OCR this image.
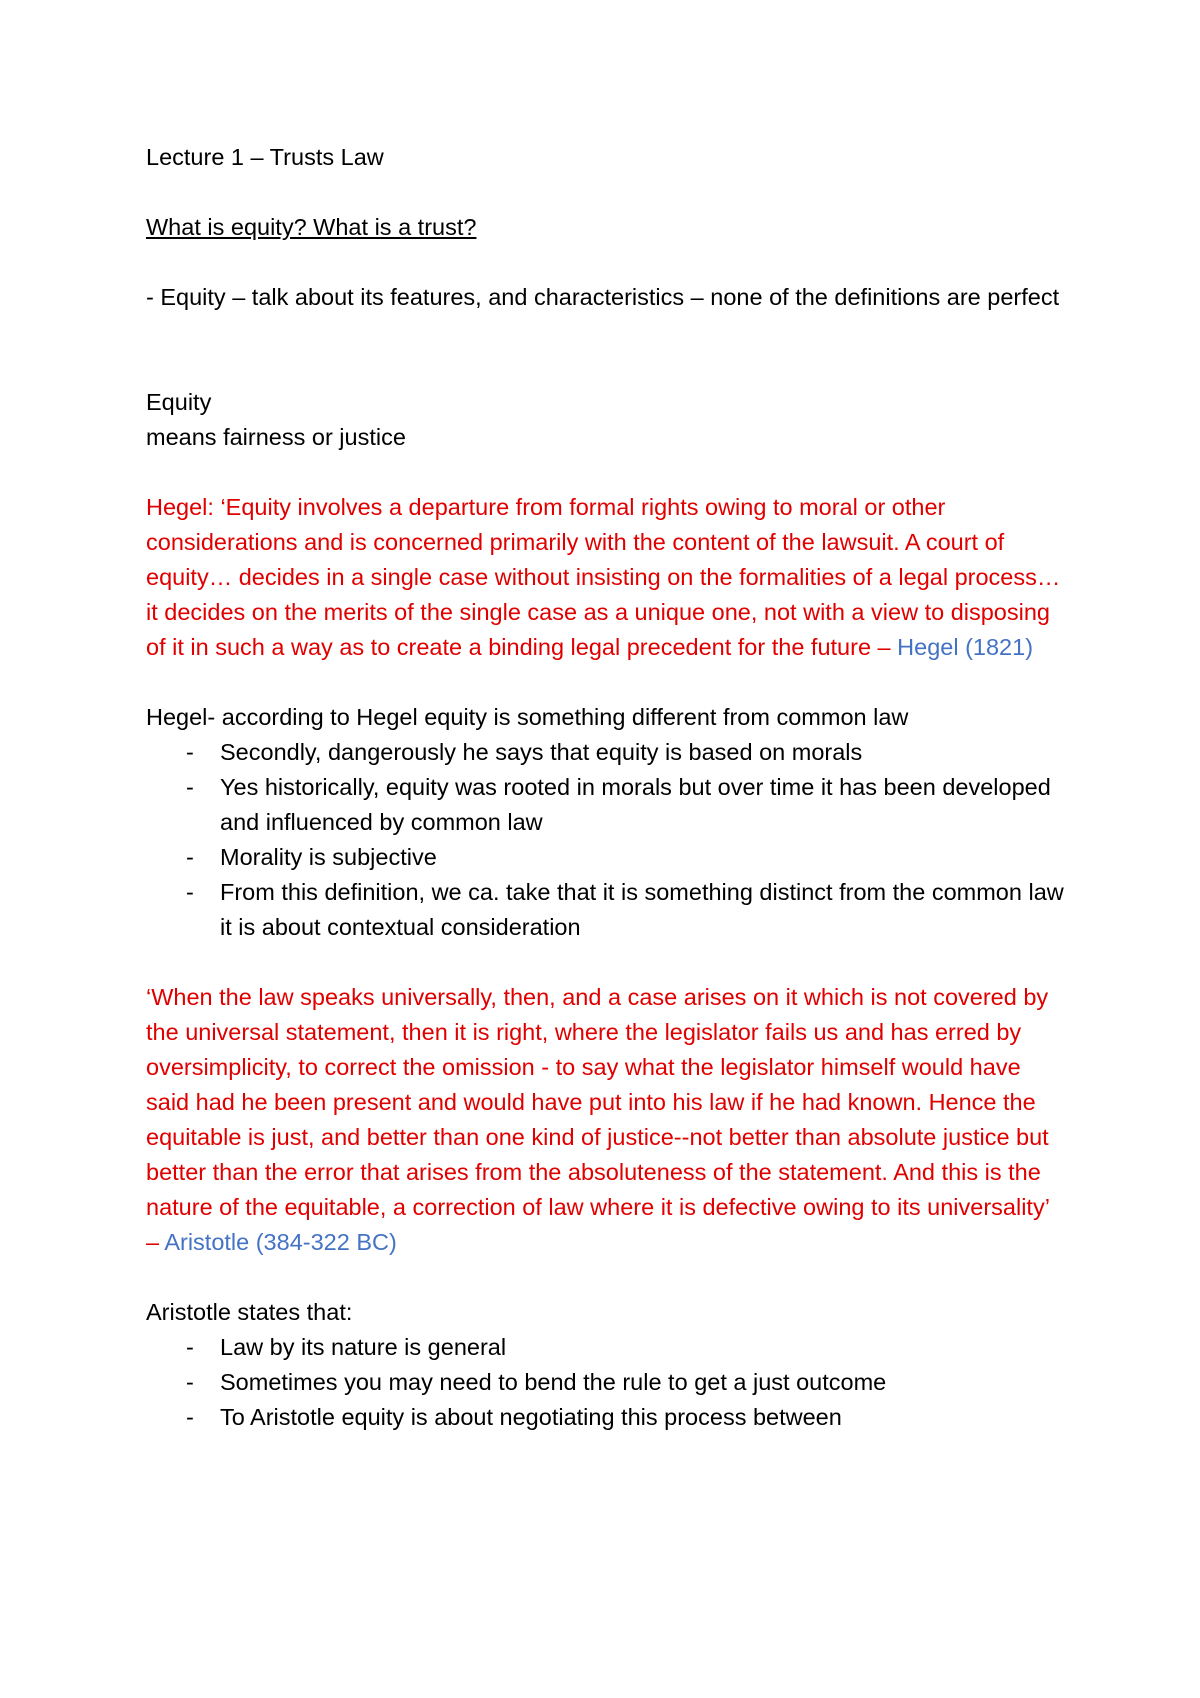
Lecture 1 – Trusts Law

What is equity? What is a trust?

- Equity – talk about its features, and characteristics – none of the definitions are perfect

Equity

means fairness or justice

Hegel: ‘Equity involves a departure from formal rights owing to moral or other considerations and is concerned primarily with the content of the lawsuit. A court of equity… decides in a single case without insisting on the formalities of a legal process… it decides on the merits of the single case as a unique one, not with a view to disposing of it in such a way as to create a binding legal precedent for the future – Hegel (1821)

Hegel- according to Hegel equity is something different from common law

- Secondly, dangerously he says that equity is based on morals
- Yes historically, equity was rooted in morals but over time it has been developed and influenced by common law
- Morality is subjective
- From this definition, we ca. take that it is something distinct from the common law it is about contextual consideration

‘When the law speaks universally, then, and a case arises on it which is not covered by the universal statement, then it is right, where the legislator fails us and has erred by oversimplicity, to correct the omission - to say what the legislator himself would have said had he been present and would have put into his law if he had known. Hence the equitable is just, and better than one kind of justice--not better than absolute justice but better than the error that arises from the absoluteness of the statement. And this is the nature of the equitable, a correction of law where it is defective owing to its universality’ – Aristotle (384-322 BC)

Aristotle states that:

- Law by its nature is general
- Sometimes you may need to bend the rule to get a just outcome
- To Aristotle equity is about negotiating this process between
